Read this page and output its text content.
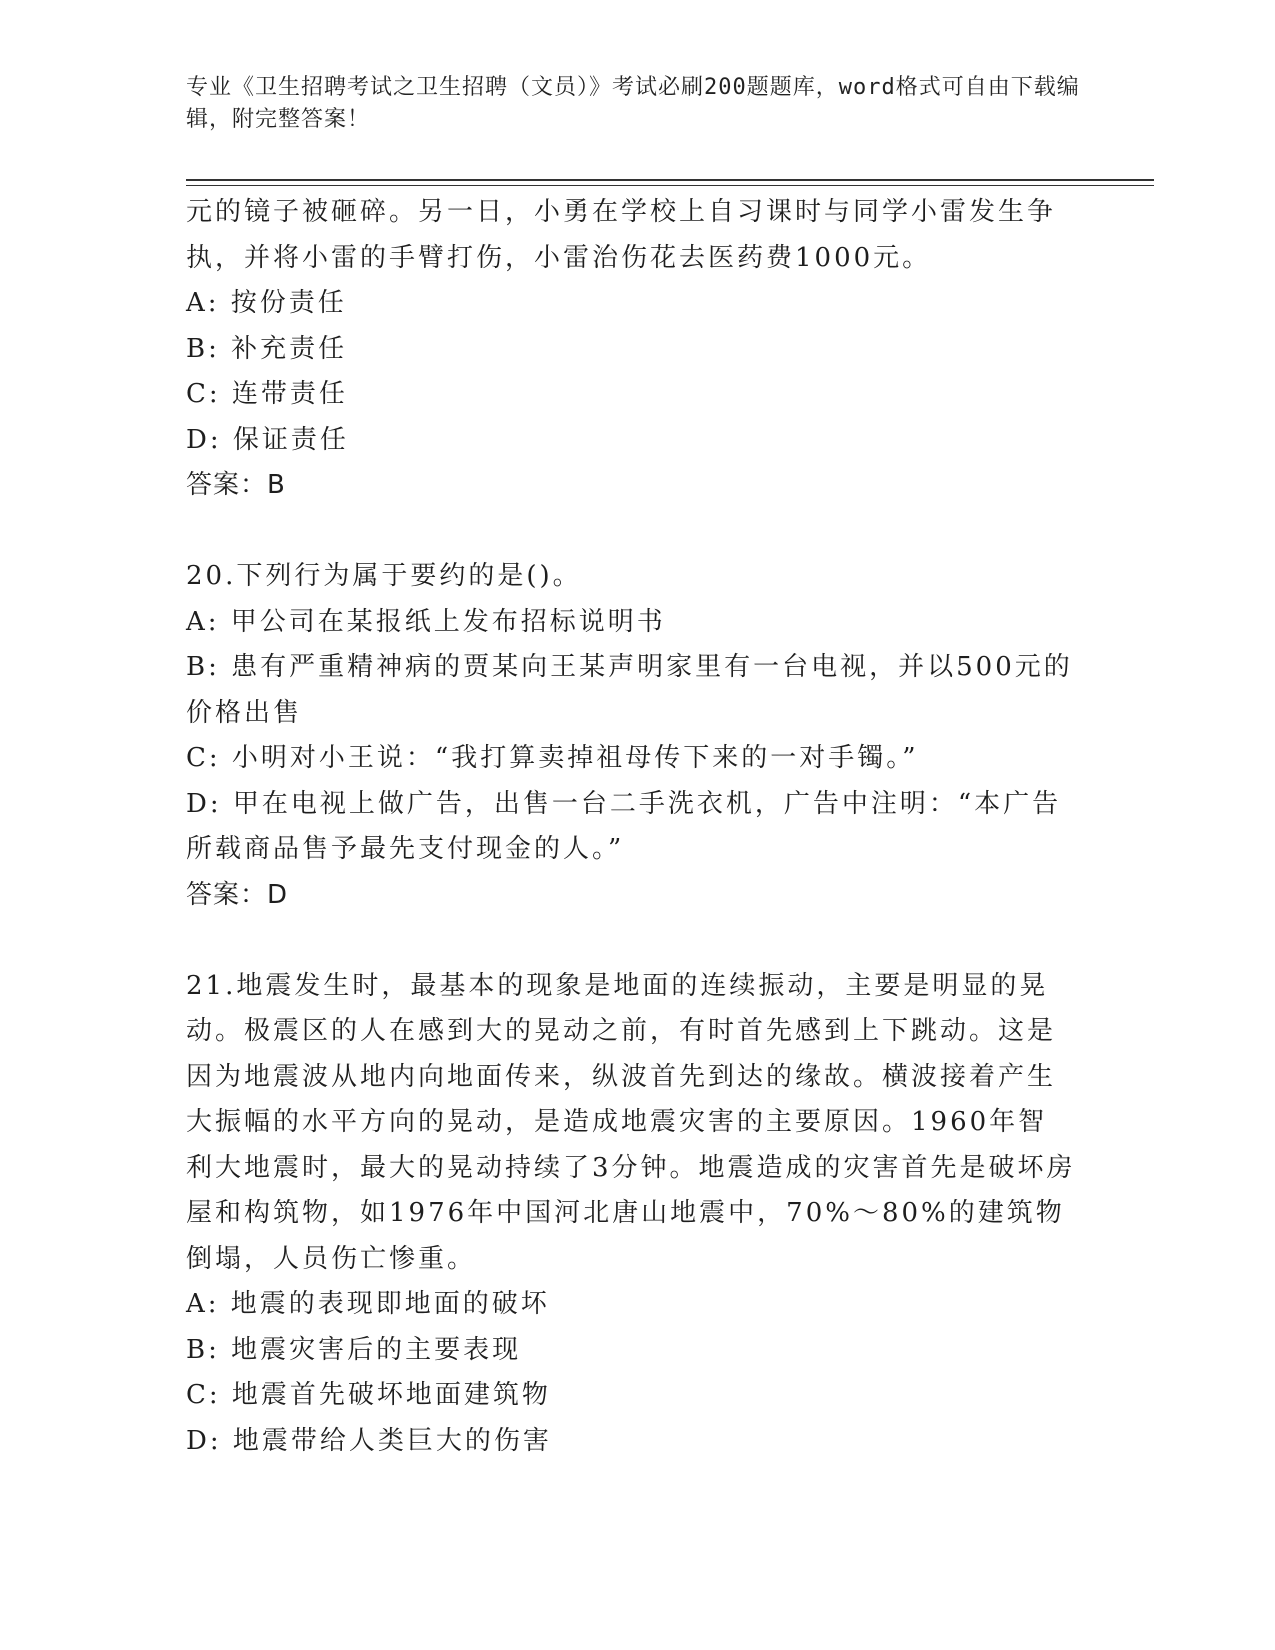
专业《卫生招聘考试之卫生招聘（文员）》考试必刷200题题库，word格式可自由下载编辑，附完整答案！

元的镜子被砸碎。另一日，小勇在学校上自习课时与同学小雷发生争执，并将小雷的手臂打伤，小雷治伤花去医药费1000元。

A: 按份责任

B: 补充责任

C: 连带责任

D: 保证责任

答案：B

20.下列行为属于要约的是()。

A: 甲公司在某报纸上发布招标说明书

B: 患有严重精神病的贾某向王某声明家里有一台电视，并以500元的价格出售

C: 小明对小王说：“我打算卖掉祖母传下来的一对手镯。”

D: 甲在电视上做广告，出售一台二手洗衣机，广告中注明：“本广告所载商品售予最先支付现金的人。”

答案：D

21.地震发生时，最基本的现象是地面的连续振动，主要是明显的晃动。极震区的人在感到大的晃动之前，有时首先感到上下跳动。这是因为地震波从地内向地面传来，纵波首先到达的缘故。横波接着产生大振幅的水平方向的晃动，是造成地震灾害的主要原因。1960年智利大地震时，最大的晃动持续了3分钟。地震造成的灾害首先是破坏房屋和构筑物，如1976年中国河北唐山地震中，70%～80%的建筑物倒塌，人员伤亡惨重。

A: 地震的表现即地面的破坏

B: 地震灾害后的主要表现

C: 地震首先破坏地面建筑物

D: 地震带给人类巨大的伤害
